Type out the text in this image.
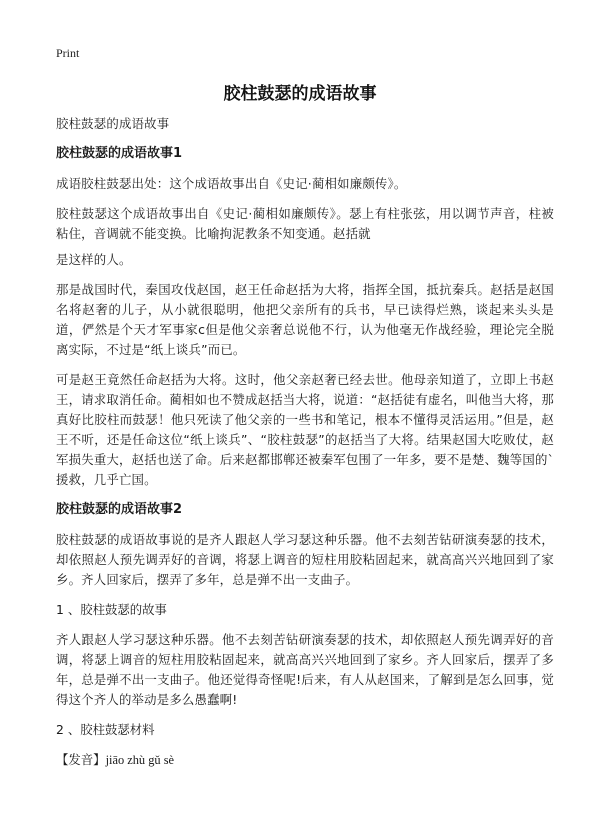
Print
胶柱鼓瑟的成语故事
胶柱鼓瑟的成语故事
胶柱鼓瑟的成语故事1
成语胶柱鼓瑟出处：这个成语故事出自《史记·蔺相如廉颇传》。
胶柱鼓瑟这个成语故事出自《史记·蔺相如廉颇传》。瑟上有柱张弦，用以调节声音，柱被粘住，音调就不能变换。比喻拘泥教条不知变通。赵括就
是这样的人。
那是战国时代，秦国攻伐赵国，赵王任命赵括为大将，指挥全国，抵抗秦兵。赵括是赵国名将赵奢的儿子，从小就很聪明，他把父亲所有的兵书，早已读得烂熟，谈起来头头是道，俨然是个天才军事家c但是他父亲奢总说他不行，认为他毫无作战经验，理论完全脱离实际，不过是“纸上谈兵”而已。
可是赵王竟然任命赵括为大将。这时，他父亲赵奢已经去世。他母亲知道了，立即上书赵王，请求取消任命。蔺相如也不赞成赵括当大将，说道：“赵括徒有虚名，叫他当大将，那真好比胶柱而鼓瑟！他只死读了他父亲的一些书和笔记，根本不懂得灵活运用。”但是，赵王不听，还是任命这位“纸上谈兵”、“胶柱鼓瑟”的赵括当了大将。结果赵国大吃败仗，赵军损失重大，赵括也送了命。后来赵都邯郸还被秦军包围了一年多，要不是楚、魏等国的`援救，几乎亡国。
胶柱鼓瑟的成语故事2
胶柱鼓瑟的成语故事说的是齐人跟赵人学习瑟这种乐器。他不去刻苦钻研演奏瑟的技术，却依照赵人预先调弄好的音调，将瑟上调音的短柱用胶粘固起来，就高高兴兴地回到了家乡。齐人回家后，摆弄了多年，总是弹不出一支曲子。
1 、胶柱鼓瑟的故事
齐人跟赵人学习瑟这种乐器。他不去刻苦钻研演奏瑟的技术，却依照赵人预先调弄好的音调，将瑟上调音的短柱用胶粘固起来，就高高兴兴地回到了家乡。齐人回家后，摆弄了多年，总是弹不出一支曲子。他还觉得奇怪呢!后来，有人从赵国来，了解到是怎么回事，觉得这个齐人的举动是多么愚蠢啊!
2 、胶柱鼓瑟材料
【发音】jiāo zhù gǔ sè
